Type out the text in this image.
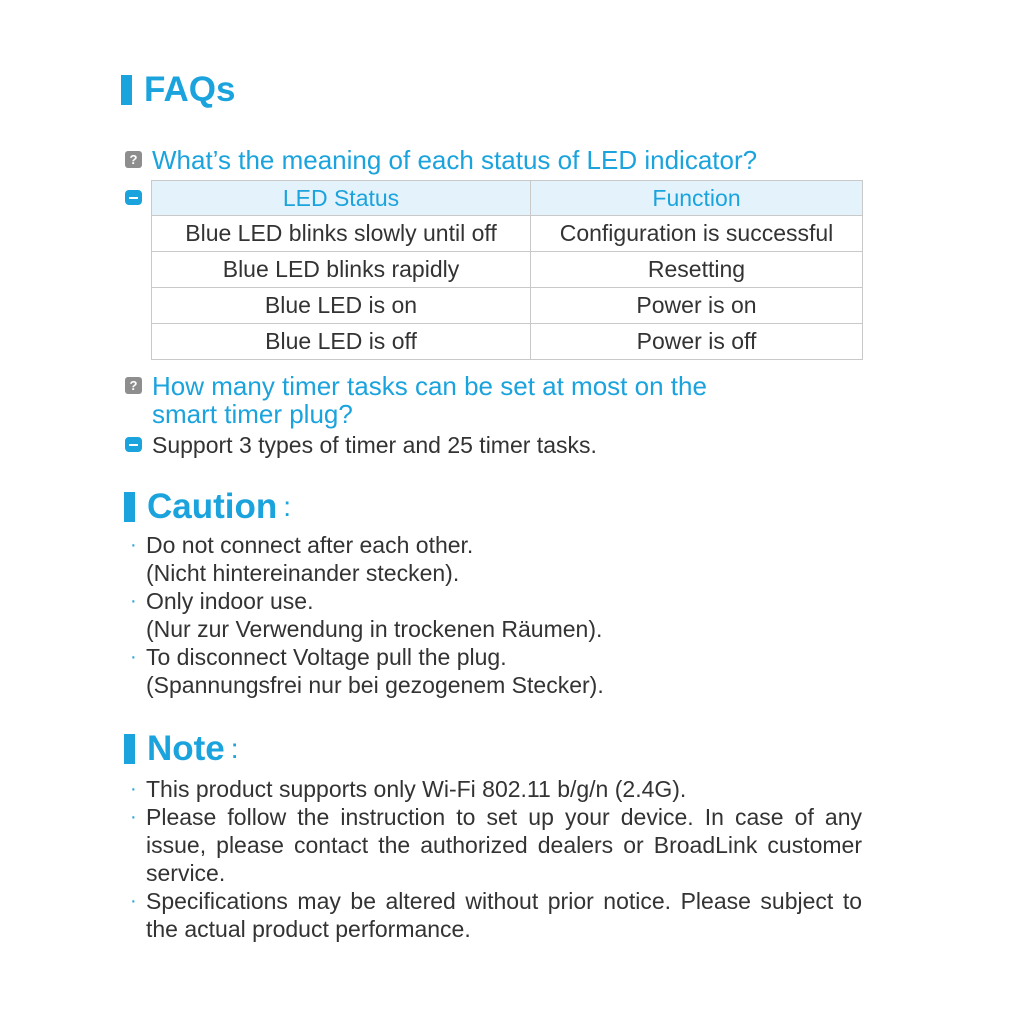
FAQs
? What’s the meaning of each status of LED indicator?
LED Status	Function
Blue LED blinks slowly until off	Configuration is successful
Blue LED blinks rapidly	Resetting
Blue LED is on	Power is on
Blue LED is off	Power is off
? How many timer tasks can be set at most on the
smart timer plug?
Support 3 types of timer and 25 timer tasks.
Caution :
· Do not connect after each other.
(Nicht hintereinander stecken).
· Only indoor use.
(Nur zur Verwendung in trockenen Räumen).
· To disconnect Voltage pull the plug.
(Spannungsfrei nur bei gezogenem Stecker).
Note :
· This product supports only Wi-Fi 802.11 b/g/n (2.4G).
· Please follow the instruction to set up your device. In case of any issue, please contact the authorized dealers or BroadLink customer service.
· Specifications may be altered without prior notice. Please subject to the actual product performance.
